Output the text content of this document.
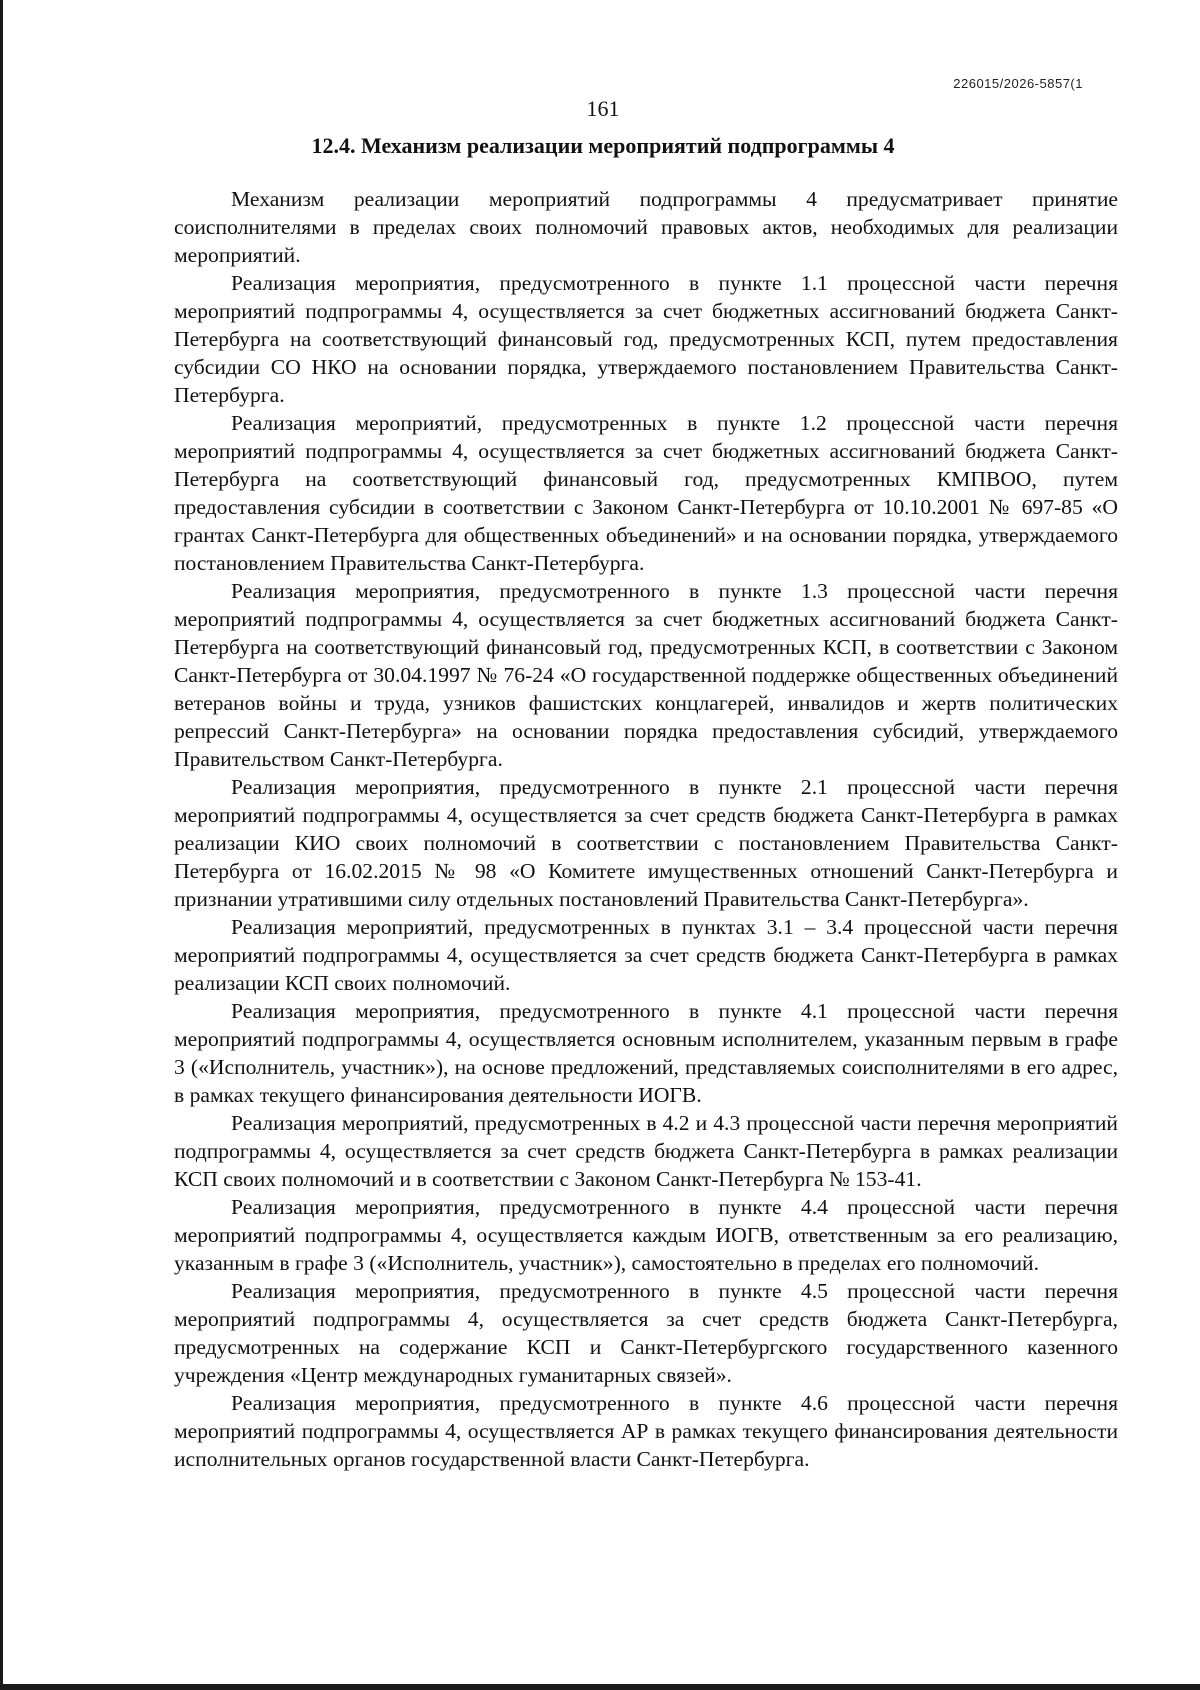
226015/2026-5857(1
161
12.4. Механизм реализации мероприятий подпрограммы 4

Механизм реализации мероприятий подпрограммы 4 предусматривает принятие соисполнителями в пределах своих полномочий правовых актов, необходимых для реализации мероприятий.

Реализация мероприятия, предусмотренного в пункте 1.1 процессной части перечня мероприятий подпрограммы 4, осуществляется за счет бюджетных ассигнований бюджета Санкт-Петербурга на соответствующий финансовый год, предусмотренных КСП, путем предоставления субсидии СО НКО на основании порядка, утверждаемого постановлением Правительства Санкт-Петербурга.

Реализация мероприятий, предусмотренных в пункте 1.2 процессной части перечня мероприятий подпрограммы 4, осуществляется за счет бюджетных ассигнований бюджета Санкт-Петербурга на соответствующий финансовый год, предусмотренных КМПВОО, путем предоставления субсидии в соответствии с Законом Санкт-Петербурга от 10.10.2001 № 697-85 «О грантах Санкт-Петербурга для общественных объединений» и на основании порядка, утверждаемого постановлением Правительства Санкт-Петербурга.

Реализация мероприятия, предусмотренного в пункте 1.3 процессной части перечня мероприятий подпрограммы 4, осуществляется за счет бюджетных ассигнований бюджета Санкт-Петербурга на соответствующий финансовый год, предусмотренных КСП, в соответствии с Законом Санкт-Петербурга от 30.04.1997 № 76-24 «О государственной поддержке общественных объединений ветеранов войны и труда, узников фашистских концлагерей, инвалидов и жертв политических репрессий Санкт-Петербурга» на основании порядка предоставления субсидий, утверждаемого Правительством Санкт-Петербурга.

Реализация мероприятия, предусмотренного в пункте 2.1 процессной части перечня мероприятий подпрограммы 4, осуществляется за счет средств бюджета Санкт-Петербурга в рамках реализации КИО своих полномочий в соответствии с постановлением Правительства Санкт-Петербурга от 16.02.2015 № 98 «О Комитете имущественных отношений Санкт-Петербурга и признании утратившими силу отдельных постановлений Правительства Санкт-Петербурга».

Реализация мероприятий, предусмотренных в пунктах 3.1 – 3.4 процессной части перечня мероприятий подпрограммы 4, осуществляется за счет средств бюджета Санкт-Петербурга в рамках реализации КСП своих полномочий.

Реализация мероприятия, предусмотренного в пункте 4.1 процессной части перечня мероприятий подпрограммы 4, осуществляется основным исполнителем, указанным первым в графе 3 («Исполнитель, участник»), на основе предложений, представляемых соисполнителями в его адрес, в рамках текущего финансирования деятельности ИОГВ.

Реализация мероприятий, предусмотренных в 4.2 и 4.3 процессной части перечня мероприятий подпрограммы 4, осуществляется за счет средств бюджета Санкт-Петербурга в рамках реализации КСП своих полномочий и в соответствии с Законом Санкт-Петербурга № 153-41.

Реализация мероприятия, предусмотренного в пункте 4.4 процессной части перечня мероприятий подпрограммы 4, осуществляется каждым ИОГВ, ответственным за его реализацию, указанным в графе 3 («Исполнитель, участник»), самостоятельно в пределах его полномочий.

Реализация мероприятия, предусмотренного в пункте 4.5 процессной части перечня мероприятий подпрограммы 4, осуществляется за счет средств бюджета Санкт-Петербурга, предусмотренных на содержание КСП и Санкт-Петербургского государственного казенного учреждения «Центр международных гуманитарных связей».

Реализация мероприятия, предусмотренного в пункте 4.6 процессной части перечня мероприятий подпрограммы 4, осуществляется АР в рамках текущего финансирования деятельности исполнительных органов государственной власти Санкт-Петербурга.
